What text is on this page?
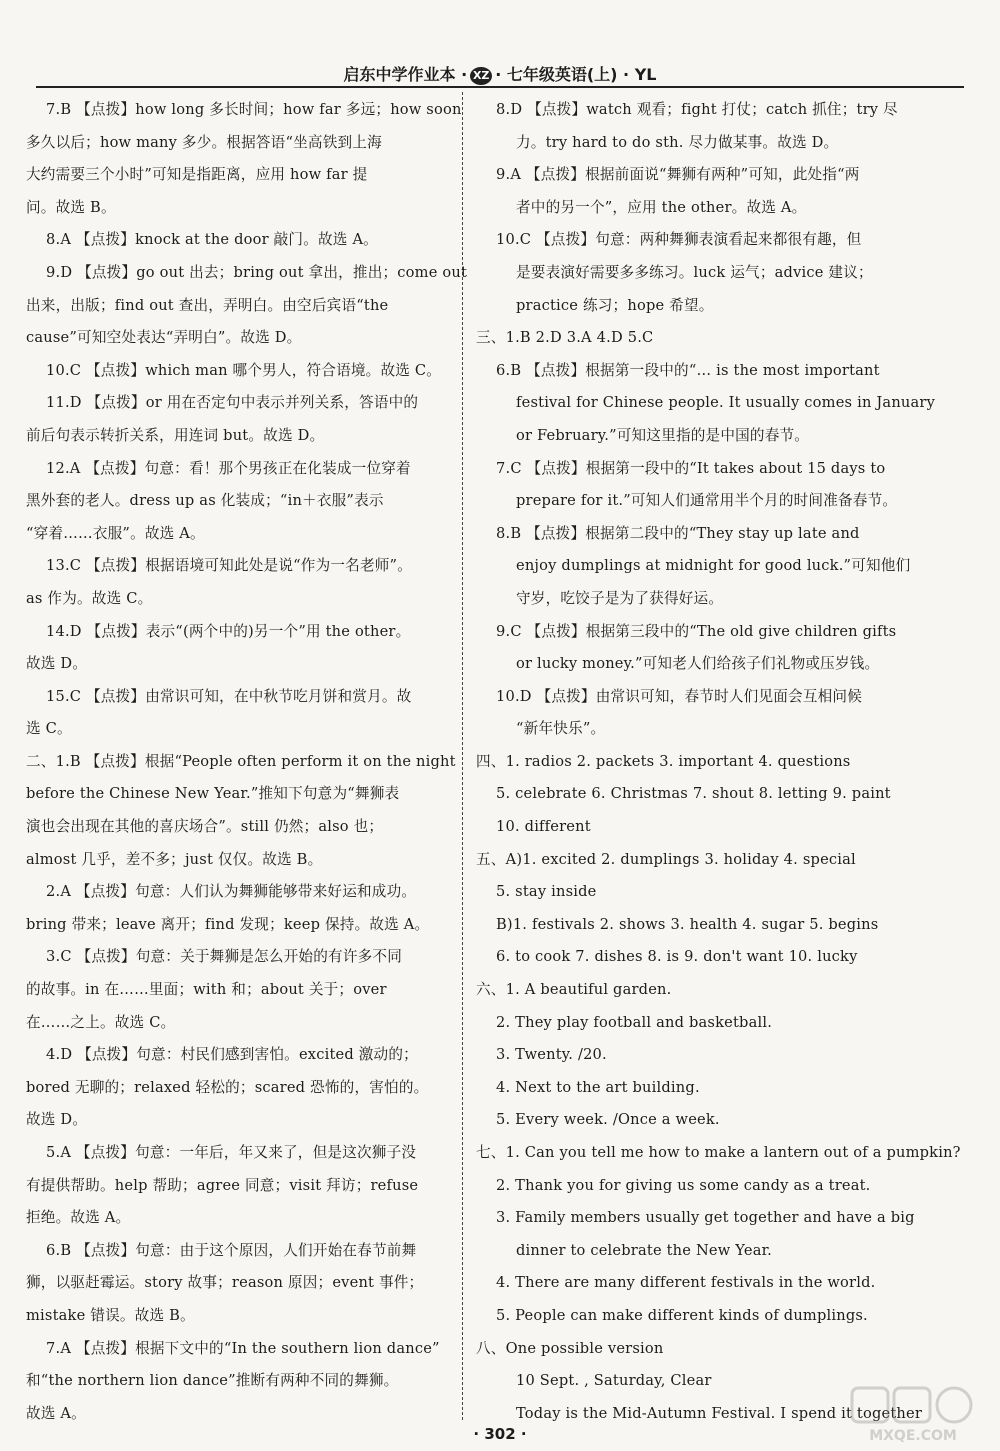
启东中学作业本 · XZ · 七年级英语(上) · YL
7.B 【点拨】how long 多长时间；how far 多远；how soon
多久以后；how many 多少。根据答语“坐高铁到上海
大约需要三个小时”可知是指距离，应用 how far 提
问。故选 B。
8.A 【点拨】knock at the door 敲门。故选 A。
9.D 【点拨】go out 出去；bring out 拿出，推出；come out
出来，出版；find out 查出，弄明白。由空后宾语“the
cause”可知空处表达“弄明白”。故选 D。
10.C 【点拨】which man 哪个男人，符合语境。故选 C。
11.D 【点拨】or 用在否定句中表示并列关系，答语中的
前后句表示转折关系，用连词 but。故选 D。
12.A 【点拨】句意：看！那个男孩正在化装成一位穿着
黑外套的老人。dress up as 化装成；“in＋衣服”表示
“穿着……衣服”。故选 A。
13.C 【点拨】根据语境可知此处是说“作为一名老师”。
as 作为。故选 C。
14.D 【点拨】表示“(两个中的)另一个”用 the other。
故选 D。
15.C 【点拨】由常识可知，在中秋节吃月饼和赏月。故
选 C。
二、1.B 【点拨】根据“People often perform it on the night
before the Chinese New Year.”推知下句意为“舞狮表
演也会出现在其他的喜庆场合”。still 仍然；also 也；
almost 几乎，差不多；just 仅仅。故选 B。
2.A 【点拨】句意：人们认为舞狮能够带来好运和成功。
bring 带来；leave 离开；find 发现；keep 保持。故选 A。
3.C 【点拨】句意：关于舞狮是怎么开始的有许多不同
的故事。in 在……里面；with 和；about 关于；over
在……之上。故选 C。
4.D 【点拨】句意：村民们感到害怕。excited 激动的；
bored 无聊的；relaxed 轻松的；scared 恐怖的，害怕的。
故选 D。
5.A 【点拨】句意：一年后，年又来了，但是这次狮子没
有提供帮助。help 帮助；agree 同意；visit 拜访；refuse
拒绝。故选 A。
6.B 【点拨】句意：由于这个原因，人们开始在春节前舞
狮，以驱赶霉运。story 故事；reason 原因；event 事件；
mistake 错误。故选 B。
7.A 【点拨】根据下文中的“In the southern lion dance”
和“the northern lion dance”推断有两种不同的舞狮。
故选 A。
8.D 【点拨】watch 观看；fight 打仗；catch 抓住；try 尽
力。try hard to do sth. 尽力做某事。故选 D。
9.A 【点拨】根据前面说“舞狮有两种”可知，此处指“两
者中的另一个”，应用 the other。故选 A。
10.C 【点拨】句意：两种舞狮表演看起来都很有趣，但
是要表演好需要多多练习。luck 运气；advice 建议；
practice 练习；hope 希望。
三、1.B 2.D 3.A 4.D 5.C
6.B 【点拨】根据第一段中的“… is the most important
festival for Chinese people. It usually comes in January
or February.”可知这里指的是中国的春节。
7.C 【点拨】根据第一段中的“It takes about 15 days to
prepare for it.”可知人们通常用半个月的时间准备春节。
8.B 【点拨】根据第二段中的“They stay up late and
enjoy dumplings at midnight for good luck.”可知他们
守岁，吃饺子是为了获得好运。
9.C 【点拨】根据第三段中的“The old give children gifts
or lucky money.”可知老人们给孩子们礼物或压岁钱。
10.D 【点拨】由常识可知，春节时人们见面会互相问候
“新年快乐”。
四、1. radios 2. packets 3. important 4. questions
5. celebrate 6. Christmas 7. shout 8. letting 9. paint
10. different
五、A)1. excited 2. dumplings 3. holiday 4. special
5. stay inside
B)1. festivals 2. shows 3. health 4. sugar 5. begins
6. to cook 7. dishes 8. is 9. don't want 10. lucky
六、1. A beautiful garden.
2. They play football and basketball.
3. Twenty. /20.
4. Next to the art building.
5. Every week. /Once a week.
七、1. Can you tell me how to make a lantern out of a pumpkin?
2. Thank you for giving us some candy as a treat.
3. Family members usually get together and have a big
dinner to celebrate the New Year.
4. There are many different festivals in the world.
5. People can make different kinds of dumplings.
八、One possible version
10 Sept. , Saturday, Clear
Today is the Mid-Autumn Festival. I spend it together
· 302 ·	MXQE.COM
